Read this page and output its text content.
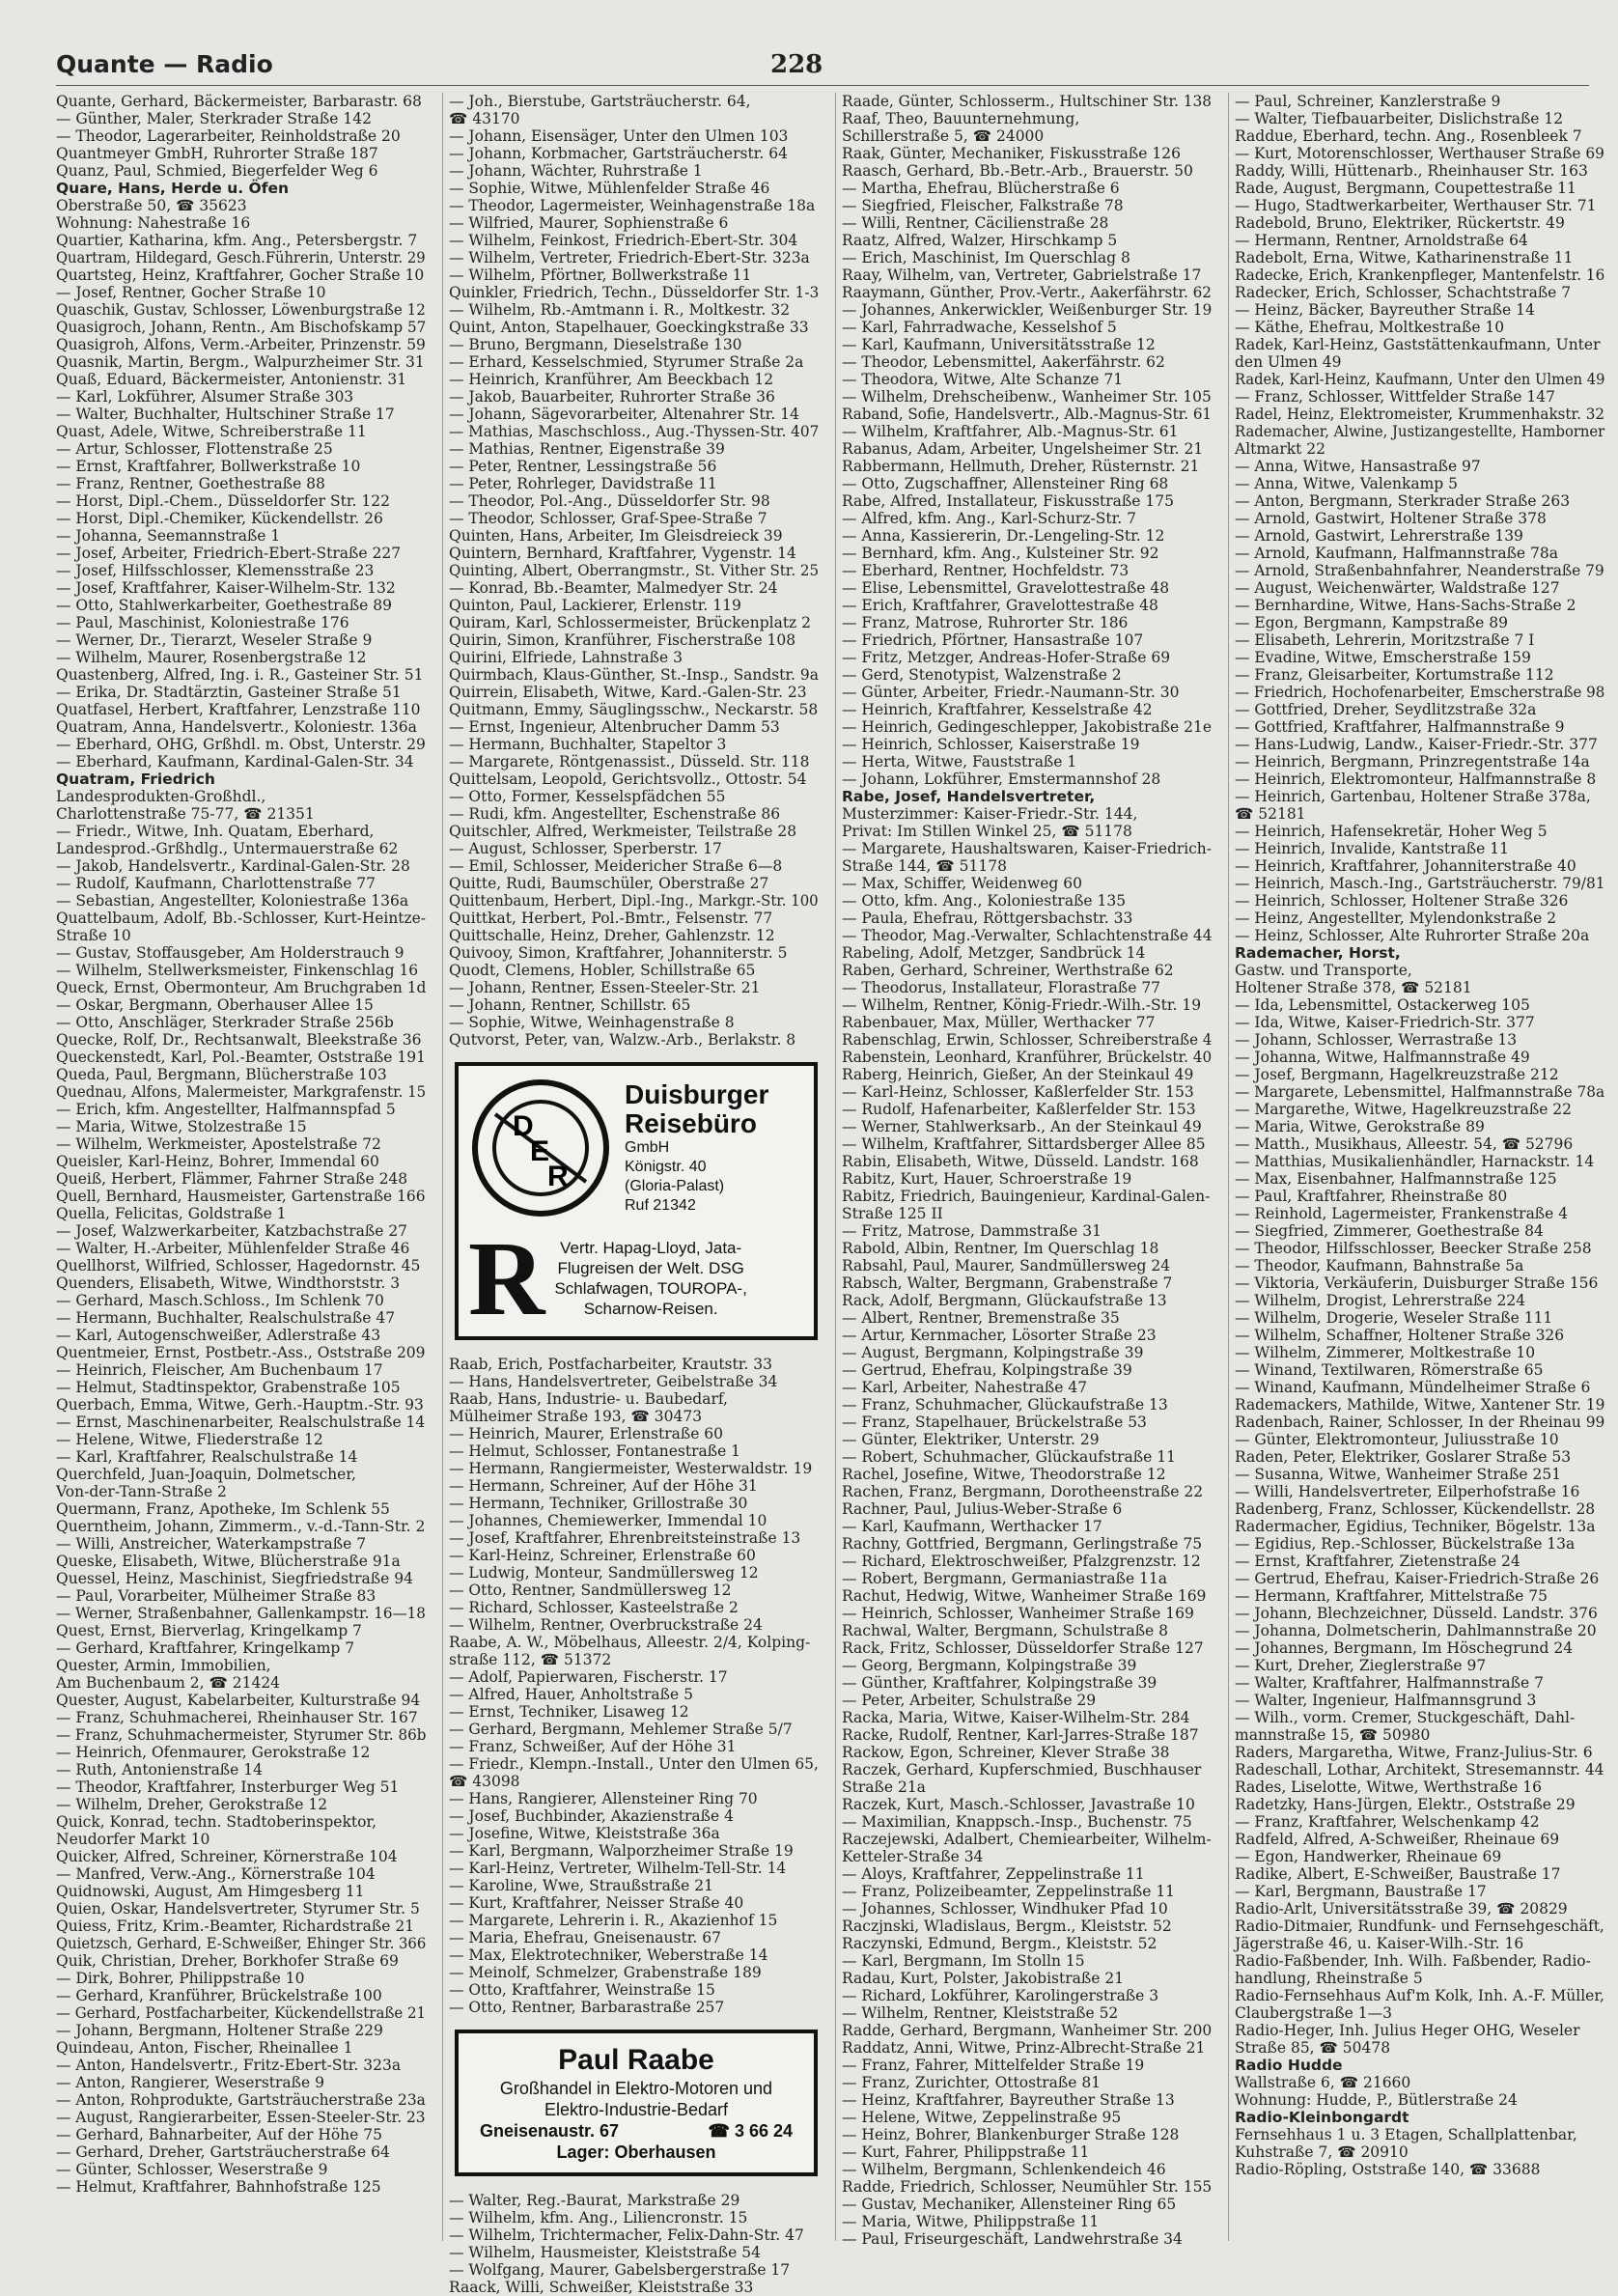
Quante — Radio	228
Quante, Gerhard, Bäckermeister, Barbarastr. 68
— Günther, Maler, Sterkrader Straße 142
— Theodor, Lagerarbeiter, Reinholdstraße 20
Quantmeyer GmbH, Ruhrorter Straße 187
Quanz, Paul, Schmied, Biegerfelder Weg 6
Quare, Hans, Herde u. Öfen
Oberstraße 50, ☎ 35623
Wohnung: Nahestraße 16
Quartier, Katharina, kfm. Ang., Petersbergstr. 7
Quartram, Hildegard, Gesch.Führerin, Unterstr. 29
Quartsteg, Heinz, Kraftfahrer, Gocher Straße 10
— Josef, Rentner, Gocher Straße 10
Quaschik, Gustav, Schlosser, Löwenburgstraße 12
Quasigroch, Johann, Rentn., Am Bischofskamp 57
Quasigroh, Alfons, Verm.-Arbeiter, Prinzenstr. 59
Quasnik, Martin, Bergm., Walpurzheimer Str. 31
Quaß, Eduard, Bäckermeister, Antonienstr. 31
— Karl, Lokführer, Alsumer Straße 303
— Walter, Buchhalter, Hultschiner Straße 17
Quast, Adele, Witwe, Schreiberstraße 11
— Artur, Schlosser, Flottenstraße 25
— Ernst, Kraftfahrer, Bollwerkstraße 10
— Franz, Rentner, Goethestraße 88
— Horst, Dipl.-Chem., Düsseldorfer Str. 122
— Horst, Dipl.-Chemiker, Kückendellstr. 26
— Johanna, Seemannstraße 1
— Josef, Arbeiter, Friedrich-Ebert-Straße 227
— Josef, Hilfsschlosser, Klemensstraße 23
— Josef, Kraftfahrer, Kaiser-Wilhelm-Str. 132
— Otto, Stahlwerkarbeiter, Goethestraße 89
— Paul, Maschinist, Koloniestraße 176
— Werner, Dr., Tierarzt, Weseler Straße 9
— Wilhelm, Maurer, Rosenbergstraße 12
Quastenberg, Alfred, Ing. i. R., Gasteiner Str. 51
— Erika, Dr. Stadtärztin, Gasteiner Straße 51
Quatfasel, Herbert, Kraftfahrer, Lenzstraße 110
Quatram, Anna, Handelsvertr., Koloniestr. 136a
— Eberhard, OHG, Grßhdl. m. Obst, Unterstr. 29
— Eberhard, Kaufmann, Kardinal-Galen-Str. 34
Quatram, Friedrich
Landesprodukten-Großhdl.,
Charlottenstraße 75-77, ☎ 21351
— Friedr., Witwe, Inh. Quatam, Eberhard,
Landesprod.-Grßhdlg., Untermauerstraße 62
— Jakob, Handelsvertr., Kardinal-Galen-Str. 28
— Rudolf, Kaufmann, Charlottenstraße 77
— Sebastian, Angestellter, Koloniestraße 136a
Quattelbaum, Adolf, Bb.-Schlosser, Kurt-Heintze-
Straße 10
— Gustav, Stoffausgeber, Am Holderstrauch 9
— Wilhelm, Stellwerksmeister, Finkenschlag 16
Queck, Ernst, Obermonteur, Am Bruchgraben 1d
— Oskar, Bergmann, Oberhauser Allee 15
— Otto, Anschläger, Sterkrader Straße 256b
Quecke, Rolf, Dr., Rechtsanwalt, Bleekstraße 36
Queckenstedt, Karl, Pol.-Beamter, Oststraße 191
Queda, Paul, Bergmann, Blücherstraße 103
Quednau, Alfons, Malermeister, Markgrafenstr. 15
— Erich, kfm. Angestellter, Halfmannspfad 5
— Maria, Witwe, Stolzestraße 15
— Wilhelm, Werkmeister, Apostelstraße 72
Queisler, Karl-Heinz, Bohrer, Immendal 60
Queiß, Herbert, Flämmer, Fahrner Straße 248
Quell, Bernhard, Hausmeister, Gartenstraße 166
Quella, Felicitas, Goldstraße 1
— Josef, Walzwerkarbeiter, Katzbachstraße 27
— Walter, H.-Arbeiter, Mühlenfelder Straße 46
Quellhorst, Wilfried, Schlosser, Hagedornstr. 45
Quenders, Elisabeth, Witwe, Windthorststr. 3
— Gerhard, Masch.Schloss., Im Schlenk 70
— Hermann, Buchhalter, Realschulstraße 47
— Karl, Autogenschweißer, Adlerstraße 43
Quentmeier, Ernst, Postbetr.-Ass., Oststraße 209
— Heinrich, Fleischer, Am Buchenbaum 17
— Helmut, Stadtinspektor, Grabenstraße 105
Querbach, Emma, Witwe, Gerh.-Hauptm.-Str. 93
— Ernst, Maschinenarbeiter, Realschulstraße 14
— Helene, Witwe, Fliederstraße 12
— Karl, Kraftfahrer, Realschulstraße 14
Querchfeld, Juan-Joaquin, Dolmetscher,
Von-der-Tann-Straße 2
Quermann, Franz, Apotheke, Im Schlenk 55
Querntheim, Johann, Zimmerm., v.-d.-Tann-Str. 2
— Willi, Anstreicher, Waterkampstraße 7
Queske, Elisabeth, Witwe, Blücherstraße 91a
Quessel, Heinz, Maschinist, Siegfriedstraße 94
— Paul, Vorarbeiter, Mülheimer Straße 83
— Werner, Straßenbahner, Gallenkampstr. 16—18
Quest, Ernst, Bierverlag, Kringelkamp 7
— Gerhard, Kraftfahrer, Kringelkamp 7
Quester, Armin, Immobilien,
Am Buchenbaum 2, ☎ 21424
Quester, August, Kabelarbeiter, Kulturstraße 94
— Franz, Schuhmacherei, Rheinhauser Str. 167
— Franz, Schuhmachermeister, Styrumer Str. 86b
— Heinrich, Ofenmaurer, Gerokstraße 12
— Ruth, Antonienstraße 14
— Theodor, Kraftfahrer, Insterburger Weg 51
— Wilhelm, Dreher, Gerokstraße 12
Quick, Konrad, techn. Stadtoberinspektor,
Neudorfer Markt 10
Quicker, Alfred, Schreiner, Körnerstraße 104
— Manfred, Verw.-Ang., Körnerstraße 104
Quidnowski, August, Am Himgesberg 11
Quien, Oskar, Handelsvertreter, Styrumer Str. 5
Quiess, Fritz, Krim.-Beamter, Richardstraße 21
Quietzsch, Gerhard, E-Schweißer, Ehinger Str. 366
Quik, Christian, Dreher, Borkhofer Straße 69
— Dirk, Bohrer, Philippstraße 10
— Gerhard, Kranführer, Brückelstraße 100
— Gerhard, Postfacharbeiter, Kückendellstraße 21
— Johann, Bergmann, Holtener Straße 229
Quindeau, Anton, Fischer, Rheinallee 1
— Anton, Handelsvertr., Fritz-Ebert-Str. 323a
— Anton, Rangierer, Weserstraße 9
— Anton, Rohprodukte, Gartsträucherstraße 23a
— August, Rangierarbeiter, Essen-Steeler-Str. 23
— Gerhard, Bahnarbeiter, Auf der Höhe 75
— Gerhard, Dreher, Gartsträucherstraße 64
— Günter, Schlosser, Weserstraße 9
— Helmut, Kraftfahrer, Bahnhofstraße 125
— Joh., Bierstube, Gartsträucherstr. 64,
☎ 43170
— Johann, Eisensäger, Unter den Ulmen 103
— Johann, Korbmacher, Gartsträucherstr. 64
— Johann, Wächter, Ruhrstraße 1
— Sophie, Witwe, Mühlenfelder Straße 46
— Theodor, Lagermeister, Weinhagenstraße 18a
— Wilfried, Maurer, Sophienstraße 6
— Wilhelm, Feinkost, Friedrich-Ebert-Str. 304
— Wilhelm, Vertreter, Friedrich-Ebert-Str. 323a
— Wilhelm, Pförtner, Bollwerkstraße 11
Quinkler, Friedrich, Techn., Düsseldorfer Str. 1-3
— Wilhelm, Rb.-Amtmann i. R., Moltkestr. 32
Quint, Anton, Stapelhauer, Goeckingkstraße 33
— Bruno, Bergmann, Dieselstraße 130
— Erhard, Kesselschmied, Styrumer Straße 2a
— Heinrich, Kranführer, Am Beeckbach 12
— Jakob, Bauarbeiter, Ruhrorter Straße 36
— Johann, Sägevorarbeiter, Altenahrer Str. 14
— Mathias, Maschschloss., Aug.-Thyssen-Str. 407
— Mathias, Rentner, Eigenstraße 39
— Peter, Rentner, Lessingstraße 56
— Peter, Rohrleger, Davidstraße 11
— Theodor, Pol.-Ang., Düsseldorfer Str. 98
— Theodor, Schlosser, Graf-Spee-Straße 7
Quinten, Hans, Arbeiter, Im Gleisdreieck 39
Quintern, Bernhard, Kraftfahrer, Vygenstr. 14
Quinting, Albert, Oberrangmstr., St. Vither Str. 25
— Konrad, Bb.-Beamter, Malmedyer Str. 24
Quinton, Paul, Lackierer, Erlenstr. 119
Quiram, Karl, Schlossermeister, Brückenplatz 2
Quirin, Simon, Kranführer, Fischerstraße 108
Quirini, Elfriede, Lahnstraße 3
Quirmbach, Klaus-Günther, St.-Insp., Sandstr. 9a
Quirrein, Elisabeth, Witwe, Kard.-Galen-Str. 23
Quitmann, Emmy, Säuglingsschw., Neckarstr. 58
— Ernst, Ingenieur, Altenbrucher Damm 53
— Hermann, Buchhalter, Stapeltor 3
— Margarete, Röntgenassist., Düsseld. Str. 118
Quittelsam, Leopold, Gerichtsvollz., Ottostr. 54
— Otto, Former, Kesselspfädchen 55
— Rudi, kfm. Angestellter, Eschenstraße 86
Quitschler, Alfred, Werkmeister, Teilstraße 28
— August, Schlosser, Sperberstr. 17
— Emil, Schlosser, Meidericher Straße 6—8
Quitte, Rudi, Baumschüler, Oberstraße 27
Quittenbaum, Herbert, Dipl.-Ing., Markgr.-Str. 100
Quittkat, Herbert, Pol.-Bmtr., Felsenstr. 77
Quittschalle, Heinz, Dreher, Gahlenzstr. 12
Quivooy, Simon, Kraftfahrer, Johanniterstr. 5
Quodt, Clemens, Hobler, Schillstraße 65
— Johann, Rentner, Essen-Steeler-Str. 21
— Johann, Rentner, Schillstr. 65
— Sophie, Witwe, Weinhagenstraße 8
Qutvorst, Peter, van, Walzw.-Arb., Berlakstr. 8
D
E
R
Duisburger
Reisebüro
GmbH
Königstr. 40
(Gloria-Palast)
Ruf 21342
R Vertr. Hapag-Lloyd, Jata-
Flugreisen der Welt. DSG
Schlafwagen, TOUROPA-,
Scharnow-Reisen.
Raab, Erich, Postfacharbeiter, Krautstr. 33
— Hans, Handelsvertreter, Geibelstraße 34
Raab, Hans, Industrie- u. Baubedarf,
Mülheimer Straße 193, ☎ 30473
— Heinrich, Maurer, Erlenstraße 60
— Helmut, Schlosser, Fontanestraße 1
— Hermann, Rangiermeister, Westerwaldstr. 19
— Hermann, Schreiner, Auf der Höhe 31
— Hermann, Techniker, Grillostraße 30
— Johannes, Chemiewerker, Immendal 10
— Josef, Kraftfahrer, Ehrenbreitsteinstraße 13
— Karl-Heinz, Schreiner, Erlenstraße 60
— Ludwig, Monteur, Sandmüllersweg 12
— Otto, Rentner, Sandmüllersweg 12
— Richard, Schlosser, Kasteelstraße 2
— Wilhelm, Rentner, Overbruckstraße 24
Raabe, A. W., Möbelhaus, Alleestr. 2/4, Kolping-
straße 112, ☎ 51372
— Adolf, Papierwaren, Fischerstr. 17
— Alfred, Hauer, Anholtstraße 5
— Ernst, Techniker, Lisaweg 12
— Gerhard, Bergmann, Mehlemer Straße 5/7
— Franz, Schweißer, Auf der Höhe 31
— Friedr., Klempn.-Install., Unter den Ulmen 65,
☎ 43098
— Hans, Rangierer, Allensteiner Ring 70
— Josef, Buchbinder, Akazienstraße 4
— Josefine, Witwe, Kleiststraße 36a
— Karl, Bergmann, Walporzheimer Straße 19
— Karl-Heinz, Vertreter, Wilhelm-Tell-Str. 14
— Karoline, Wwe, Straußstraße 21
— Kurt, Kraftfahrer, Neisser Straße 40
— Margarete, Lehrerin i. R., Akazienhof 15
— Maria, Ehefrau, Gneisenaustr. 67
— Max, Elektrotechniker, Weberstraße 14
— Meinolf, Schmelzer, Grabenstraße 189
— Otto, Kraftfahrer, Weinstraße 15
— Otto, Rentner, Barbarastraße 257
Paul Raabe
Großhandel in Elektro-Motoren und
Elektro-Industrie-Bedarf
Gneisenaustr. 67	☎ 3 66 24
Lager: Oberhausen
— Walter, Reg.-Baurat, Markstraße 29
— Wilhelm, kfm. Ang., Liliencronstr. 15
— Wilhelm, Trichtermacher, Felix-Dahn-Str. 47
— Wilhelm, Hausmeister, Kleiststraße 54
— Wolfgang, Maurer, Gabelsbergerstraße 17
Raack, Willi, Schweißer, Kleiststraße 33
Raade, Günter, Schlosserm., Hultschiner Str. 138
Raaf, Theo, Bauunternehmung,
Schillerstraße 5, ☎ 24000
Raak, Günter, Mechaniker, Fiskusstraße 126
Raasch, Gerhard, Bb.-Betr.-Arb., Brauerstr. 50
— Martha, Ehefrau, Blücherstraße 6
— Siegfried, Fleischer, Falkstraße 78
— Willi, Rentner, Cäcilienstraße 28
Raatz, Alfred, Walzer, Hirschkamp 5
— Erich, Maschinist, Im Querschlag 8
Raay, Wilhelm, van, Vertreter, Gabrielstraße 17
Raaymann, Günther, Prov.-Vertr., Aakerfährstr. 62
— Johannes, Ankerwickler, Weißenburger Str. 19
— Karl, Fahrradwache, Kesselshof 5
— Karl, Kaufmann, Universitätsstraße 12
— Theodor, Lebensmittel, Aakerfährstr. 62
— Theodora, Witwe, Alte Schanze 71
— Wilhelm, Drehscheibenw., Wanheimer Str. 105
Raband, Sofie, Handelsvertr., Alb.-Magnus-Str. 61
— Wilhelm, Kraftfahrer, Alb.-Magnus-Str. 61
Rabanus, Adam, Arbeiter, Ungelsheimer Str. 21
Rabbermann, Hellmuth, Dreher, Rüsternstr. 21
— Otto, Zugschaffner, Allensteiner Ring 68
Rabe, Alfred, Installateur, Fiskusstraße 175
— Alfred, kfm. Ang., Karl-Schurz-Str. 7
— Anna, Kassiererin, Dr.-Lengeling-Str. 12
— Bernhard, kfm. Ang., Kulsteiner Str. 92
— Eberhard, Rentner, Hochfeldstr. 73
— Elise, Lebensmittel, Gravelottestraße 48
— Erich, Kraftfahrer, Gravelottestraße 48
— Franz, Matrose, Ruhrorter Str. 186
— Friedrich, Pförtner, Hansastraße 107
— Fritz, Metzger, Andreas-Hofer-Straße 69
— Gerd, Stenotypist, Walzenstraße 2
— Günter, Arbeiter, Friedr.-Naumann-Str. 30
— Heinrich, Kraftfahrer, Kesselstraße 42
— Heinrich, Gedingeschlepper, Jakobistraße 21e
— Heinrich, Schlosser, Kaiserstraße 19
— Herta, Witwe, Fauststraße 1
— Johann, Lokführer, Emstermannshof 28
Rabe, Josef, Handelsvertreter,
Musterzimmer: Kaiser-Friedr.-Str. 144,
Privat: Im Stillen Winkel 25, ☎ 51178
— Margarete, Haushaltswaren, Kaiser-Friedrich-
Straße 144, ☎ 51178
— Max, Schiffer, Weidenweg 60
— Otto, kfm. Ang., Koloniestraße 135
— Paula, Ehefrau, Röttgersbachstr. 33
— Theodor, Mag.-Verwalter, Schlachtenstraße 44
Rabeling, Adolf, Metzger, Sandbrück 14
Raben, Gerhard, Schreiner, Werthstraße 62
— Theodorus, Installateur, Florastraße 77
— Wilhelm, Rentner, König-Friedr.-Wilh.-Str. 19
Rabenbauer, Max, Müller, Werthacker 77
Rabenschlag, Erwin, Schlosser, Schreiberstraße 4
Rabenstein, Leonhard, Kranführer, Brückelstr. 40
Raberg, Heinrich, Gießer, An der Steinkaul 49
— Karl-Heinz, Schlosser, Kaßlerfelder Str. 153
— Rudolf, Hafenarbeiter, Kaßlerfelder Str. 153
— Werner, Stahlwerksarb., An der Steinkaul 49
— Wilhelm, Kraftfahrer, Sittardsberger Allee 85
Rabin, Elisabeth, Witwe, Düsseld. Landstr. 168
Rabitz, Kurt, Hauer, Schroerstraße 19
Rabitz, Friedrich, Bauingenieur, Kardinal-Galen-
Straße 125 II
— Fritz, Matrose, Dammstraße 31
Rabold, Albin, Rentner, Im Querschlag 18
Rabsahl, Paul, Maurer, Sandmüllersweg 24
Rabsch, Walter, Bergmann, Grabenstraße 7
Rack, Adolf, Bergmann, Glückaufstraße 13
— Albert, Rentner, Bremenstraße 35
— Artur, Kernmacher, Lösorter Straße 23
— August, Bergmann, Kolpingstraße 39
— Gertrud, Ehefrau, Kolpingstraße 39
— Karl, Arbeiter, Nahestraße 47
— Franz, Schuhmacher, Glückaufstraße 13
— Franz, Stapelhauer, Brückelstraße 53
— Günter, Elektriker, Unterstr. 29
— Robert, Schuhmacher, Glückaufstraße 11
Rachel, Josefine, Witwe, Theodorstraße 12
Rachen, Franz, Bergmann, Dorotheenstraße 22
Rachner, Paul, Julius-Weber-Straße 6
— Karl, Kaufmann, Werthacker 17
Rachny, Gottfried, Bergmann, Gerlingstraße 75
— Richard, Elektroschweißer, Pfalzgrenzstr. 12
— Robert, Bergmann, Germaniastraße 11a
Rachut, Hedwig, Witwe, Wanheimer Straße 169
— Heinrich, Schlosser, Wanheimer Straße 169
Rachwal, Walter, Bergmann, Schulstraße 8
Rack, Fritz, Schlosser, Düsseldorfer Straße 127
— Georg, Bergmann, Kolpingstraße 39
— Günther, Kraftfahrer, Kolpingstraße 39
— Peter, Arbeiter, Schulstraße 29
Racka, Maria, Witwe, Kaiser-Wilhelm-Str. 284
Racke, Rudolf, Rentner, Karl-Jarres-Straße 187
Rackow, Egon, Schreiner, Klever Straße 38
Raczek, Gerhard, Kupferschmied, Buschhauser
Straße 21a
Raczek, Kurt, Masch.-Schlosser, Javastraße 10
— Maximilian, Knappsch.-Insp., Buchenstr. 75
Raczejewski, Adalbert, Chemiearbeiter, Wilhelm-
Ketteler-Straße 34
— Aloys, Kraftfahrer, Zeppelinstraße 11
— Franz, Polizeibeamter, Zeppelinstraße 11
— Johannes, Schlosser, Windhuker Pfad 10
Raczjnski, Wladislaus, Bergm., Kleiststr. 52
Raczynski, Edmund, Bergm., Kleiststr. 52
— Karl, Bergmann, Im Stolln 15
Radau, Kurt, Polster, Jakobistraße 21
— Richard, Lokführer, Karolingerstraße 3
— Wilhelm, Rentner, Kleiststraße 52
Radde, Gerhard, Bergmann, Wanheimer Str. 200
Raddatz, Anni, Witwe, Prinz-Albrecht-Straße 21
— Franz, Fahrer, Mittelfelder Straße 19
— Franz, Zurichter, Ottostraße 81
— Heinz, Kraftfahrer, Bayreuther Straße 13
— Helene, Witwe, Zeppelinstraße 95
— Heinz, Bohrer, Blankenburger Straße 128
— Kurt, Fahrer, Philippstraße 11
— Wilhelm, Bergmann, Schlenkendeich 46
Radde, Friedrich, Schlosser, Neumühler Str. 155
— Gustav, Mechaniker, Allensteiner Ring 65
— Maria, Witwe, Philippstraße 11
— Paul, Friseurgeschäft, Landwehrstraße 34
— Paul, Schreiner, Kanzlerstraße 9
— Walter, Tiefbauarbeiter, Dislichstraße 12
Raddue, Eberhard, techn. Ang., Rosenbleek 7
— Kurt, Motorenschlosser, Werthauser Straße 69
Raddy, Willi, Hüttenarb., Rheinhauser Str. 163
Rade, August, Bergmann, Coupettestraße 11
— Hugo, Stadtwerkarbeiter, Werthauser Str. 71
Radebold, Bruno, Elektriker, Rückertstr. 49
— Hermann, Rentner, Arnoldstraße 64
Radebolt, Erna, Witwe, Katharinenstraße 11
Radecke, Erich, Krankenpfleger, Mantenfelstr. 16
Radecker, Erich, Schlosser, Schachtstraße 7
— Heinz, Bäcker, Bayreuther Straße 14
— Käthe, Ehefrau, Moltkestraße 10
Radek, Karl-Heinz, Gaststättenkaufmann, Unter
den Ulmen 49
Radek, Karl-Heinz, Kaufmann, Unter den Ulmen 49
— Franz, Schlosser, Wittfelder Straße 147
Radel, Heinz, Elektromeister, Krummenhakstr. 32
Rademacher, Alwine, Justizangestellte, Hamborner
Altmarkt 22
— Anna, Witwe, Hansastraße 97
— Anna, Witwe, Valenkamp 5
— Anton, Bergmann, Sterkrader Straße 263
— Arnold, Gastwirt, Holtener Straße 378
— Arnold, Gastwirt, Lehrerstraße 139
— Arnold, Kaufmann, Halfmannstraße 78a
— Arnold, Straßenbahnfahrer, Neanderstraße 79
— August, Weichenwärter, Waldstraße 127
— Bernhardine, Witwe, Hans-Sachs-Straße 2
— Egon, Bergmann, Kampstraße 89
— Elisabeth, Lehrerin, Moritzstraße 7 I
— Evadine, Witwe, Emscherstraße 159
— Franz, Gleisarbeiter, Kortumstraße 112
— Friedrich, Hochofenarbeiter, Emscherstraße 98
— Gottfried, Dreher, Seydlitzstraße 32a
— Gottfried, Kraftfahrer, Halfmannstraße 9
— Hans-Ludwig, Landw., Kaiser-Friedr.-Str. 377
— Heinrich, Bergmann, Prinzregentstraße 14a
— Heinrich, Elektromonteur, Halfmannstraße 8
— Heinrich, Gartenbau, Holtener Straße 378a,
☎ 52181
— Heinrich, Hafensekretär, Hoher Weg 5
— Heinrich, Invalide, Kantstraße 11
— Heinrich, Kraftfahrer, Johanniterstraße 40
— Heinrich, Masch.-Ing., Gartsträucherstr. 79/81
— Heinrich, Schlosser, Holtener Straße 326
— Heinz, Angestellter, Mylendonkstraße 2
— Heinz, Schlosser, Alte Ruhrorter Straße 20a
Rademacher, Horst,
Gastw. und Transporte,
Holtener Straße 378, ☎ 52181
— Ida, Lebensmittel, Ostackerweg 105
— Ida, Witwe, Kaiser-Friedrich-Str. 377
— Johann, Schlosser, Werrastraße 13
— Johanna, Witwe, Halfmannstraße 49
— Josef, Bergmann, Hagelkreuzstraße 212
— Margarete, Lebensmittel, Halfmannstraße 78a
— Margarethe, Witwe, Hagelkreuzstraße 22
— Maria, Witwe, Gerokstraße 89
— Matth., Musikhaus, Alleestr. 54, ☎ 52796
— Matthias, Musikalienhändler, Harnackstr. 14
— Max, Eisenbahner, Halfmannstraße 125
— Paul, Kraftfahrer, Rheinstraße 80
— Reinhold, Lagermeister, Frankenstraße 4
— Siegfried, Zimmerer, Goethestraße 84
— Theodor, Hilfsschlosser, Beecker Straße 258
— Theodor, Kaufmann, Bahnstraße 5a
— Viktoria, Verkäuferin, Duisburger Straße 156
— Wilhelm, Drogist, Lehrerstraße 224
— Wilhelm, Drogerie, Weseler Straße 111
— Wilhelm, Schaffner, Holtener Straße 326
— Wilhelm, Zimmerer, Moltkestraße 10
— Winand, Textilwaren, Römerstraße 65
— Winand, Kaufmann, Mündelheimer Straße 6
Rademackers, Mathilde, Witwe, Xantener Str. 19
Radenbach, Rainer, Schlosser, In der Rheinau 99
— Günter, Elektromonteur, Juliusstraße 10
Raden, Peter, Elektriker, Goslarer Straße 53
— Susanna, Witwe, Wanheimer Straße 251
— Willi, Handelsvertreter, Eilperhofstraße 16
Radenberg, Franz, Schlosser, Kückendellstr. 28
Radermacher, Egidius, Techniker, Bögelstr. 13a
— Egidius, Rep.-Schlosser, Bückelstraße 13a
— Ernst, Kraftfahrer, Zietenstraße 24
— Gertrud, Ehefrau, Kaiser-Friedrich-Straße 26
— Hermann, Kraftfahrer, Mittelstraße 75
— Johann, Blechzeichner, Düsseld. Landstr. 376
— Johanna, Dolmetscherin, Dahlmannstraße 20
— Johannes, Bergmann, Im Höschegrund 24
— Kurt, Dreher, Zieglerstraße 97
— Walter, Kraftfahrer, Halfmannstraße 7
— Walter, Ingenieur, Halfmannsgrund 3
— Wilh., vorm. Cremer, Stuckgeschäft, Dahl-
mannstraße 15, ☎ 50980
Raders, Margaretha, Witwe, Franz-Julius-Str. 6
Radeschall, Lothar, Architekt, Stresemannstr. 44
Rades, Liselotte, Witwe, Werthstraße 16
Radetzky, Hans-Jürgen, Elektr., Oststraße 29
— Franz, Kraftfahrer, Welschenkamp 42
Radfeld, Alfred, A-Schweißer, Rheinaue 69
— Egon, Handwerker, Rheinaue 69
Radike, Albert, E-Schweißer, Baustraße 17
— Karl, Bergmann, Baustraße 17
Radio-Arlt, Universitätsstraße 39, ☎ 20829
Radio-Ditmaier, Rundfunk- und Fernsehgeschäft,
Jägerstraße 46, u. Kaiser-Wilh.-Str. 16
Radio-Faßbender, Inh. Wilh. Faßbender, Radio-
handlung, Rheinstraße 5
Radio-Fernsehhaus Auf'm Kolk, Inh. A.-F. Müller,
Claubergstraße 1—3
Radio-Heger, Inh. Julius Heger OHG, Weseler
Straße 85, ☎ 50478
Radio Hudde
Wallstraße 6, ☎ 21660
Wohnung: Hudde, P., Bütlerstraße 24
Radio-Kleinbongardt
Fernsehhaus 1 u. 3 Etagen, Schallplattenbar,
Kuhstraße 7, ☎ 20910
Radio-Röpling, Oststraße 140, ☎ 33688
